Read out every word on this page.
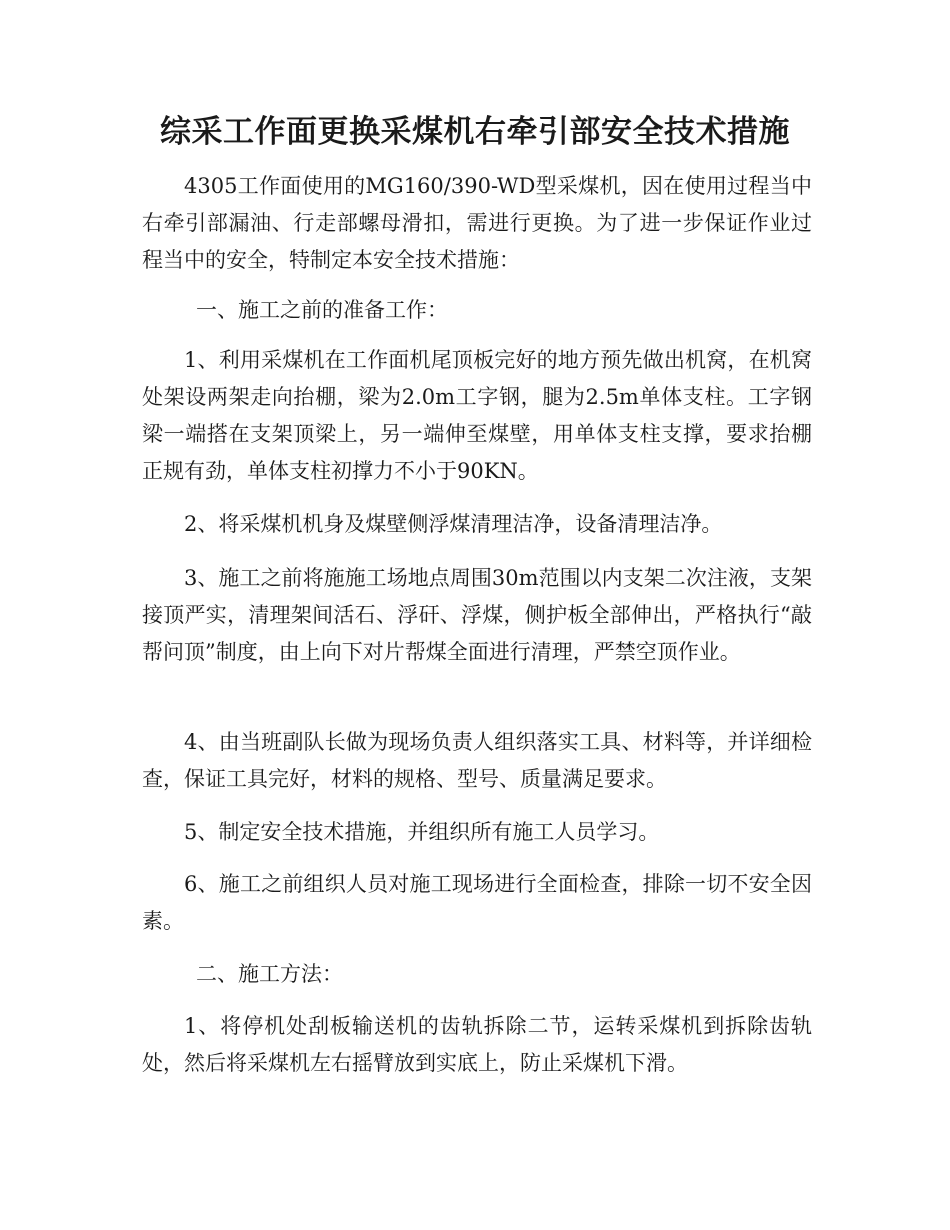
综采工作面更换采煤机右牵引部安全技术措施

4305工作面使用的MG160/390-WD型采煤机，因在使用过程当中右牵引部漏油、行走部螺母滑扣，需进行更换。为了进一步保证作业过程当中的安全，特制定本安全技术措施：

一、施工之前的准备工作：

1、利用采煤机在工作面机尾顶板完好的地方预先做出机窝，在机窝处架设两架走向抬棚，梁为2.0m工字钢，腿为2.5m单体支柱。工字钢梁一端搭在支架顶梁上，另一端伸至煤壁，用单体支柱支撑，要求抬棚正规有劲，单体支柱初撑力不小于90KN。

2、将采煤机机身及煤壁侧浮煤清理洁净，设备清理洁净。

3、施工之前将施施工场地点周围30m范围以内支架二次注液，支架接顶严实，清理架间活石、浮矸、浮煤，侧护板全部伸出，严格执行“敲帮问顶”制度，由上向下对片帮煤全面进行清理，严禁空顶作业。

4、由当班副队长做为现场负责人组织落实工具、材料等，并详细检查，保证工具完好，材料的规格、型号、质量满足要求。

5、制定安全技术措施，并组织所有施工人员学习。

6、施工之前组织人员对施工现场进行全面检查，排除一切不安全因素。

二、施工方法：

1、将停机处刮板输送机的齿轨拆除二节，运转采煤机到拆除齿轨处，然后将采煤机左右摇臂放到实底上，防止采煤机下滑。
